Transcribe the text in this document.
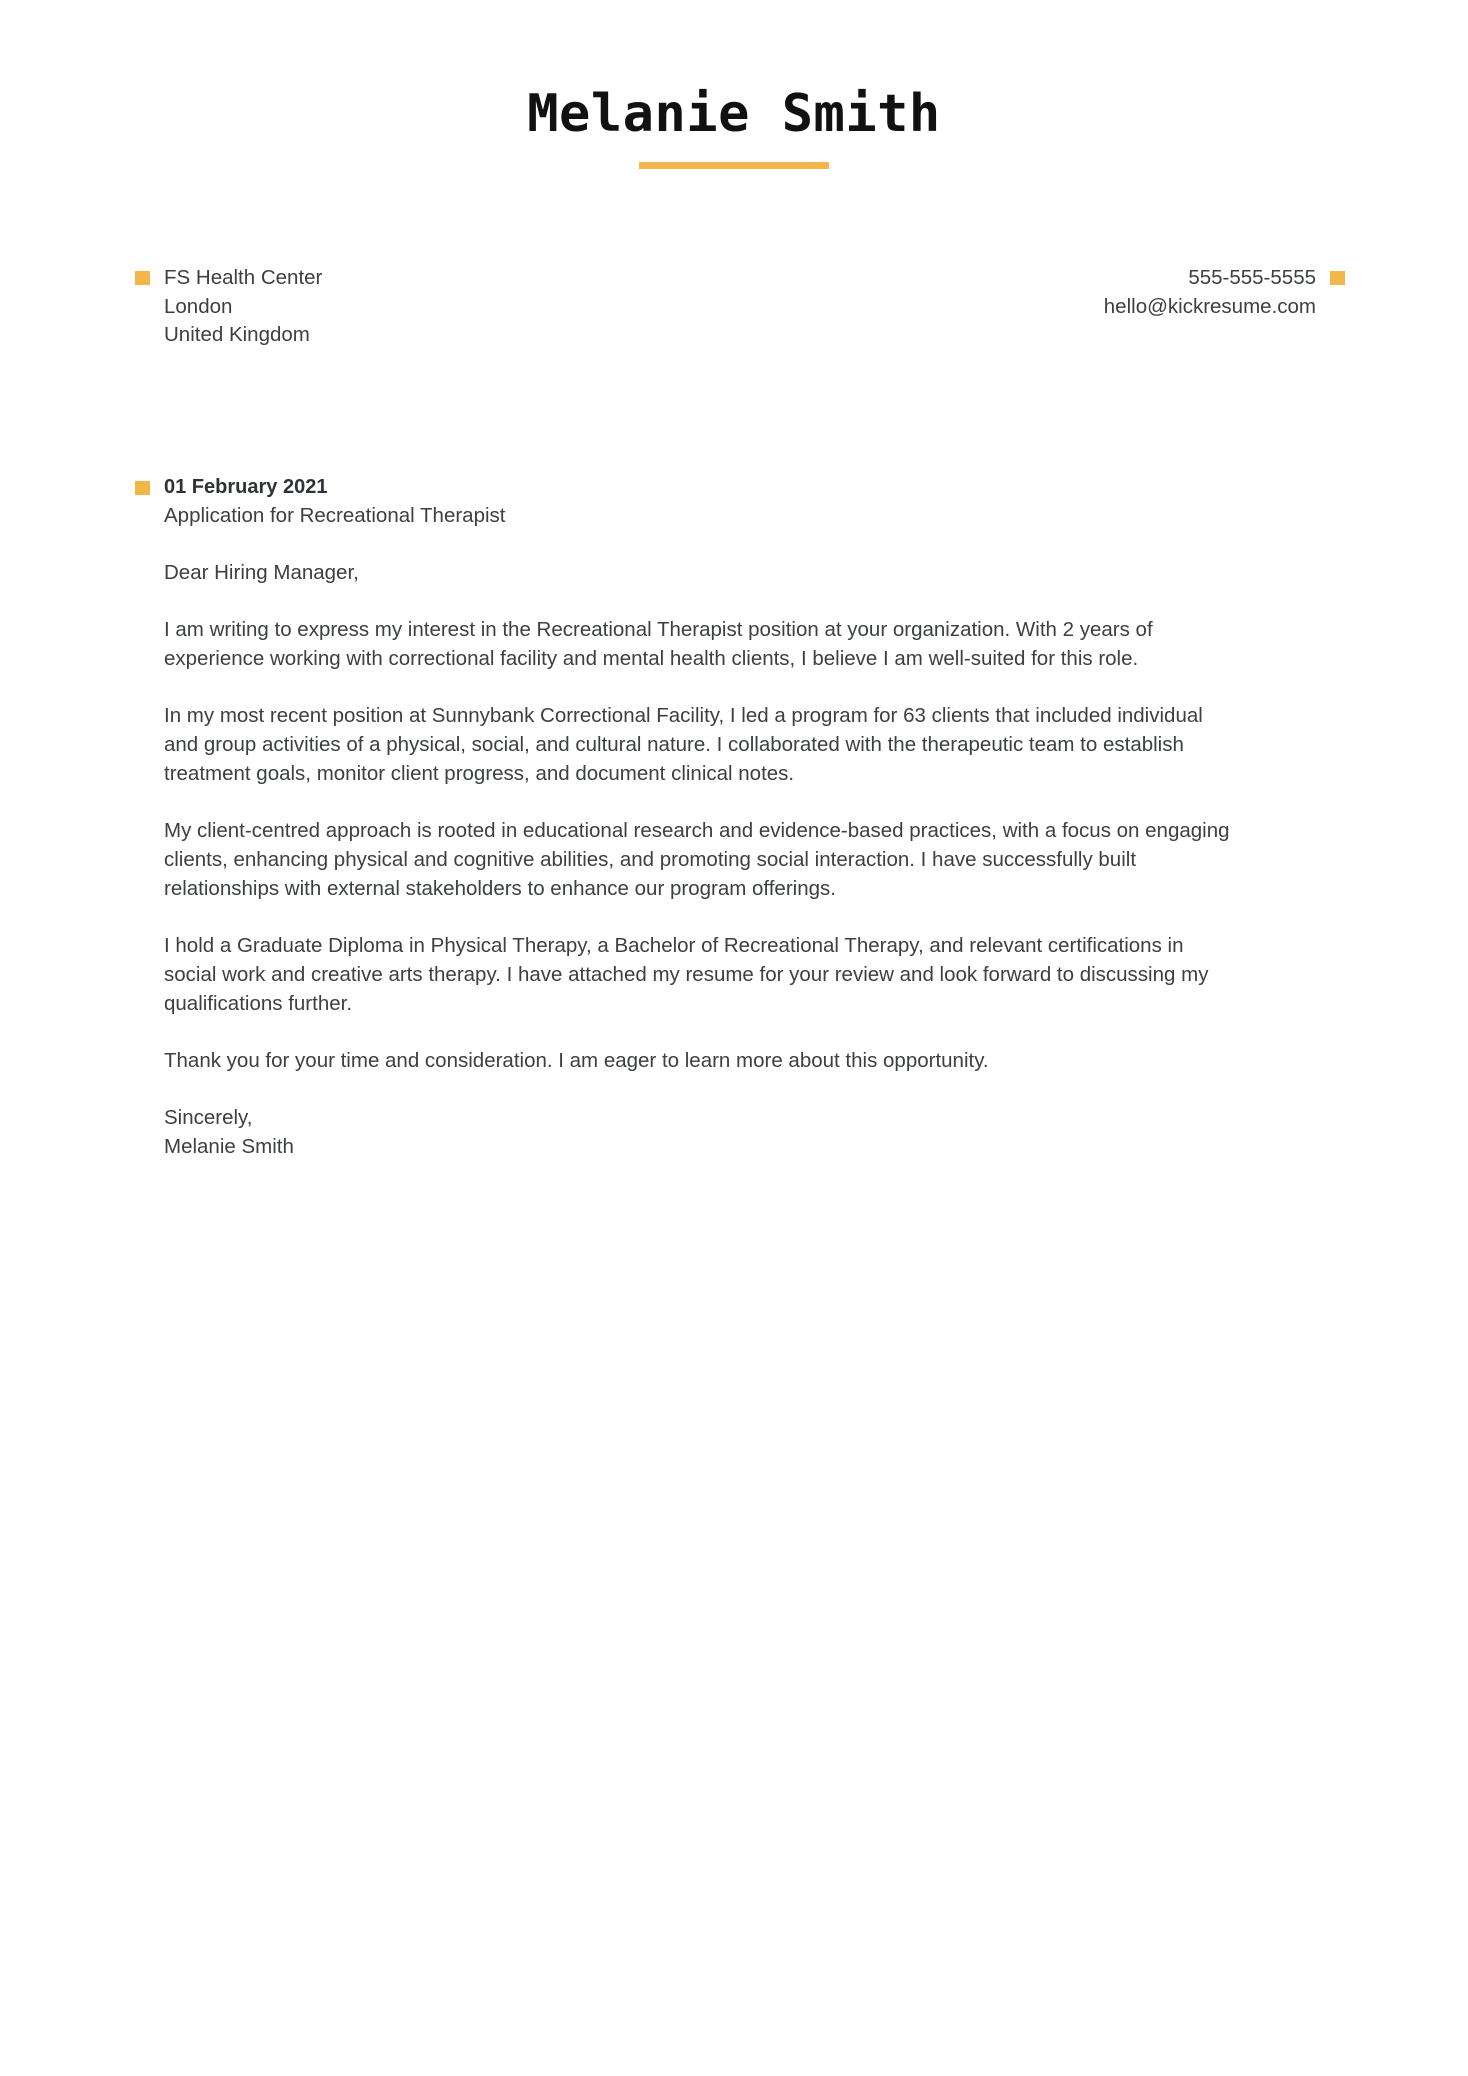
Melanie Smith
FS Health Center
London
United Kingdom
555-555-5555
hello@kickresume.com
01 February 2021
Application for Recreational Therapist
Dear Hiring Manager,
I am writing to express my interest in the Recreational Therapist position at your organization. With 2 years of experience working with correctional facility and mental health clients, I believe I am well-suited for this role.
In my most recent position at Sunnybank Correctional Facility, I led a program for 63 clients that included individual and group activities of a physical, social, and cultural nature. I collaborated with the therapeutic team to establish treatment goals, monitor client progress, and document clinical notes.
My client-centred approach is rooted in educational research and evidence-based practices, with a focus on engaging clients, enhancing physical and cognitive abilities, and promoting social interaction. I have successfully built relationships with external stakeholders to enhance our program offerings.
I hold a Graduate Diploma in Physical Therapy, a Bachelor of Recreational Therapy, and relevant certifications in social work and creative arts therapy. I have attached my resume for your review and look forward to discussing my qualifications further.
Thank you for your time and consideration. I am eager to learn more about this opportunity.
Sincerely,
Melanie Smith
